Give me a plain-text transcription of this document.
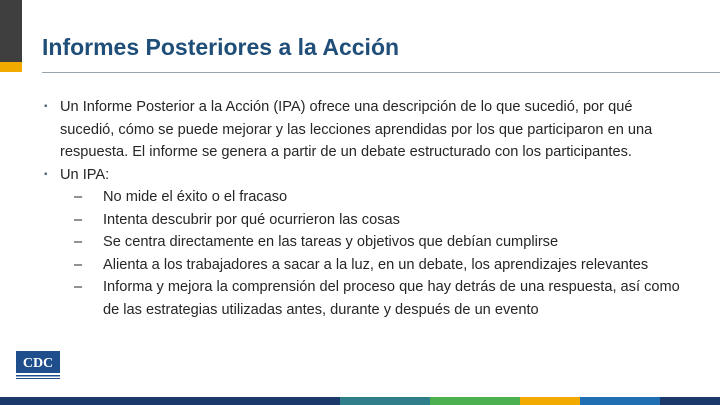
Informes Posteriores a la Acción
▪ Un Informe Posterior a la Acción (IPA) ofrece una descripción de lo que sucedió, por qué sucedió, cómo se puede mejorar y las lecciones aprendidas por los que participaron en una respuesta. El informe se genera a partir de un debate estructurado con los participantes.
▪ Un IPA:
– No mide el éxito o el fracaso
– Intenta descubrir por qué ocurrieron las cosas
– Se centra directamente en las tareas y objetivos que debían cumplirse
– Alienta a los trabajadores a sacar a la luz, en un debate, los aprendizajes relevantes
– Informa y mejora la comprensión del proceso que hay detrás de una respuesta, así como de las estrategias utilizadas antes, durante y después de un evento
CDC
